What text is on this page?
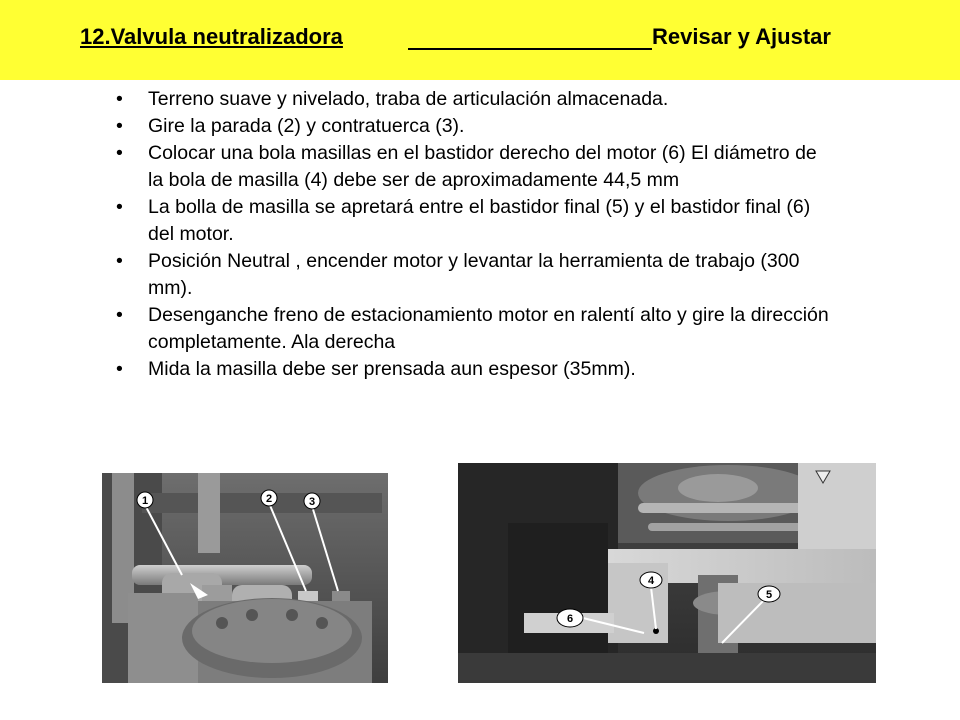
12.Valvula neutralizadora	Revisar y Ajustar
• Terreno suave y nivelado, traba de articulación almacenada.
• Gire la parada (2) y contratuerca (3).
• Colocar una bola masillas en el bastidor derecho del motor (6) El diámetro de la bola de masilla (4) debe ser de aproximadamente 44,5 mm
• La bolla de masilla se apretará entre el bastidor final (5) y el bastidor final (6) del motor.
• Posición Neutral , encender motor y levantar la herramienta de trabajo (300 mm).
• Desenganche freno de estacionamiento motor en ralentí alto y gire la dirección completamente. Ala derecha
• Mida la masilla debe ser prensada aun espesor (35mm).
1	2	3
4
5
6
